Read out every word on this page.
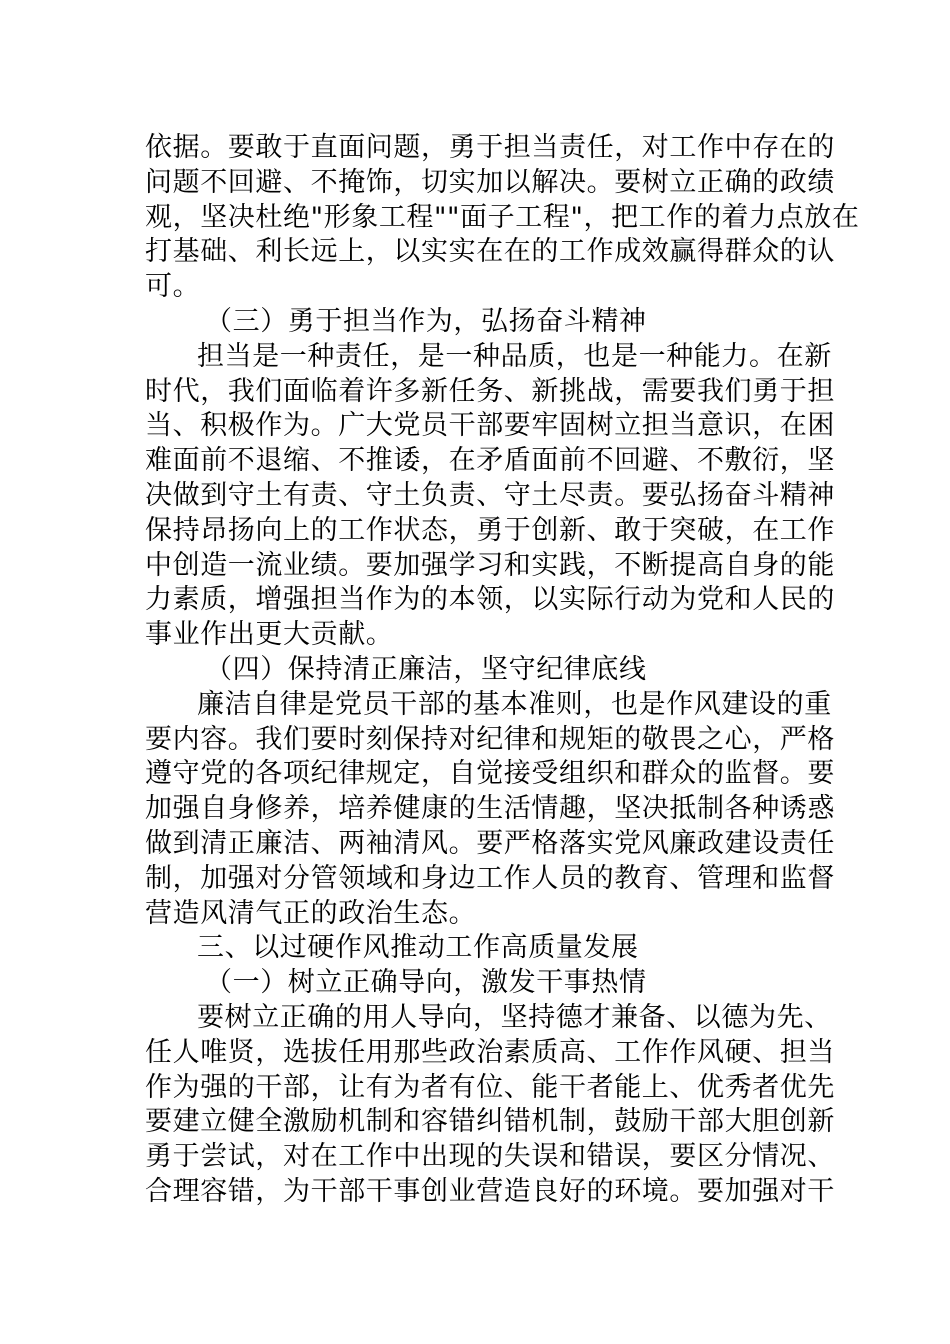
依据。要敢于直面问题，勇于担当责任，对工作中存在的
问题不回避、不掩饰，切实加以解决。要树立正确的政绩
观，坚决杜绝"形象工程""面子工程"，把工作的着力点放在
打基础、利长远上，以实实在在的工作成效赢得群众的认
可。
（三）勇于担当作为，弘扬奋斗精神
担当是一种责任，是一种品质，也是一种能力。在新
时代，我们面临着许多新任务、新挑战，需要我们勇于担
当、积极作为。广大党员干部要牢固树立担当意识，在困
难面前不退缩、不推诿，在矛盾面前不回避、不敷衍，坚
决做到守土有责、守土负责、守土尽责。要弘扬奋斗精神
保持昂扬向上的工作状态，勇于创新、敢于突破，在工作
中创造一流业绩。要加强学习和实践，不断提高自身的能
力素质，增强担当作为的本领，以实际行动为党和人民的
事业作出更大贡献。
（四）保持清正廉洁，坚守纪律底线
廉洁自律是党员干部的基本准则，也是作风建设的重
要内容。我们要时刻保持对纪律和规矩的敬畏之心，严格
遵守党的各项纪律规定，自觉接受组织和群众的监督。要
加强自身修养，培养健康的生活情趣，坚决抵制各种诱惑
做到清正廉洁、两袖清风。要严格落实党风廉政建设责任
制，加强对分管领域和身边工作人员的教育、管理和监督
营造风清气正的政治生态。
三、以过硬作风推动工作高质量发展
（一）树立正确导向，激发干事热情
要树立正确的用人导向，坚持德才兼备、以德为先、
任人唯贤，选拔任用那些政治素质高、工作作风硬、担当
作为强的干部，让有为者有位、能干者能上、优秀者优先
要建立健全激励机制和容错纠错机制，鼓励干部大胆创新
勇于尝试，对在工作中出现的失误和错误，要区分情况、
合理容错，为干部干事创业营造良好的环境。要加强对干
